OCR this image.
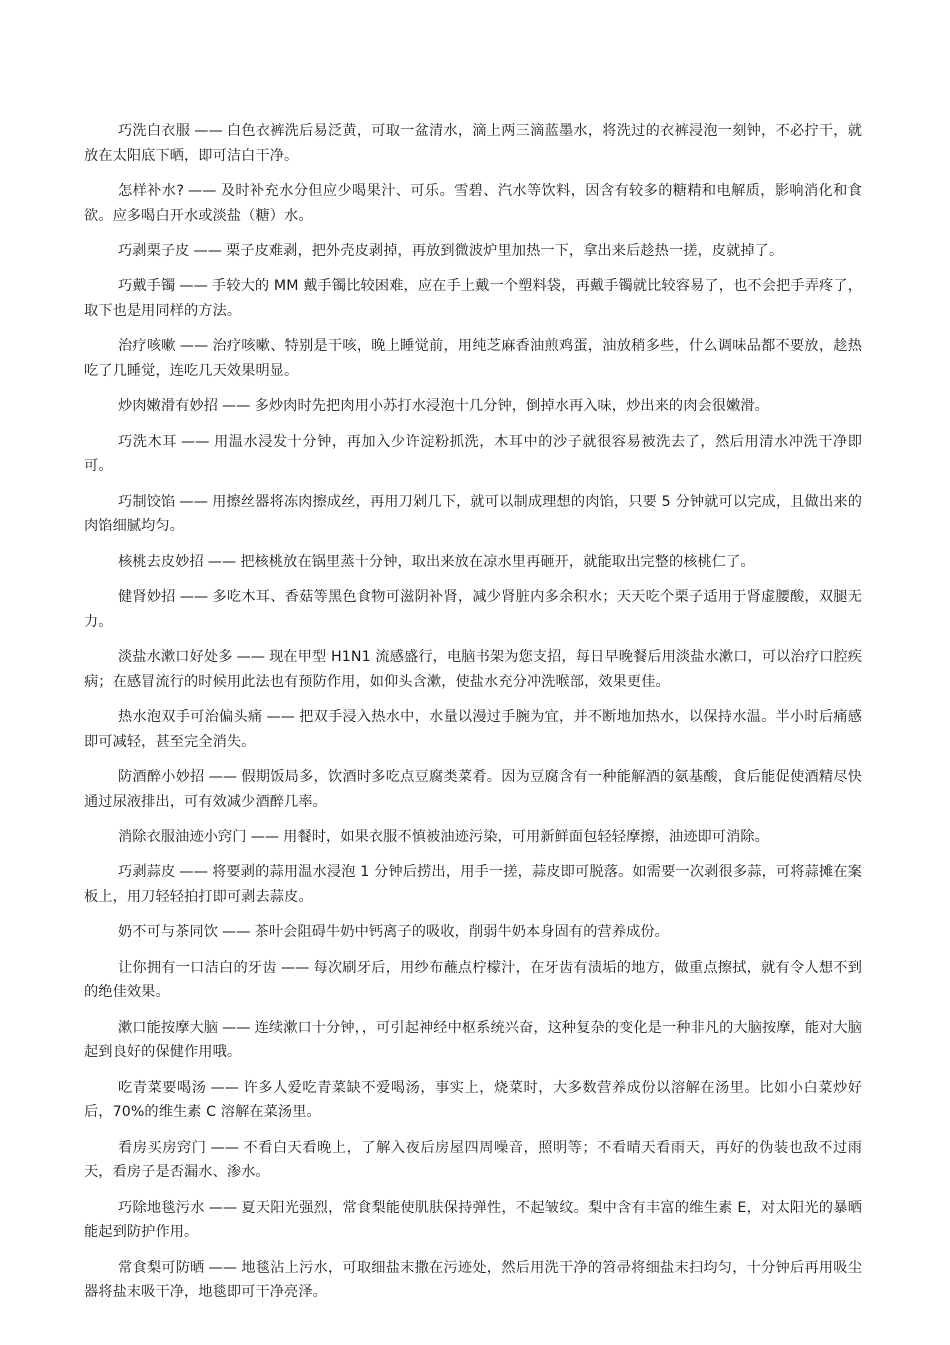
巧洗白衣服 —— 白色衣裤洗后易泛黄，可取一盆清水，滴上两三滴蓝墨水，将洗过的衣裤浸泡一刻钟，不必拧干，就放在太阳底下晒，即可洁白干净。

怎样补水? —— 及时补充水分但应少喝果汁、可乐。雪碧、汽水等饮料，因含有较多的糖精和电解质，影响消化和食欲。应多喝白开水或淡盐（糖）水。

巧剥栗子皮 —— 栗子皮难剥，把外壳皮剥掉，再放到微波炉里加热一下，拿出来后趁热一搓，皮就掉了。

巧戴手镯 —— 手较大的 MM 戴手镯比较困难，应在手上戴一个塑料袋，再戴手镯就比较容易了，也不会把手弄疼了，取下也是用同样的方法。

治疗咳嗽 —— 治疗咳嗽、特别是干咳，晚上睡觉前，用纯芝麻香油煎鸡蛋，油放稍多些，什么调味品都不要放，趁热吃了几睡觉，连吃几天效果明显。

炒肉嫩滑有妙招 —— 多炒肉时先把肉用小苏打水浸泡十几分钟，倒掉水再入味，炒出来的肉会很嫩滑。

巧洗木耳 —— 用温水浸发十分钟，再加入少许淀粉抓洗，木耳中的沙子就很容易被洗去了，然后用清水冲洗干净即可。

巧制饺馅 —— 用擦丝器将冻肉擦成丝，再用刀剁几下，就可以制成理想的肉馅，只要 5 分钟就可以完成，且做出来的肉馅细腻均匀。

核桃去皮妙招 —— 把核桃放在锅里蒸十分钟，取出来放在凉水里再砸开，就能取出完整的核桃仁了。

健肾妙招 —— 多吃木耳、香菇等黑色食物可滋阴补肾，减少肾脏内多余积水；天天吃个栗子适用于肾虚腰酸，双腿无力。

淡盐水漱口好处多 —— 现在甲型 H1N1 流感盛行，电脑书架为您支招，每日早晚餐后用淡盐水漱口，可以治疗口腔疾病；在感冒流行的时候用此法也有预防作用，如仰头含漱，使盐水充分冲洗喉部，效果更佳。

热水泡双手可治偏头痛 —— 把双手浸入热水中，水量以漫过手腕为宜，并不断地加热水，以保持水温。半小时后痛感即可减轻，甚至完全消失。

防酒醉小妙招 —— 假期饭局多，饮酒时多吃点豆腐类菜肴。因为豆腐含有一种能解酒的氨基酸，食后能促使酒精尽快通过尿液排出，可有效减少酒醉几率。

消除衣服油迹小窍门 —— 用餐时，如果衣服不慎被油迹污染，可用新鲜面包轻轻摩擦，油迹即可消除。

巧剥蒜皮 —— 将要剥的蒜用温水浸泡 1 分钟后捞出，用手一搓，蒜皮即可脱落。如需要一次剥很多蒜，可将蒜摊在案板上，用刀轻轻拍打即可剥去蒜皮。

奶不可与茶同饮 —— 茶叶会阻碍牛奶中钙离子的吸收，削弱牛奶本身固有的营养成份。

让你拥有一口洁白的牙齿 —— 每次刷牙后，用纱布蘸点柠檬汁，在牙齿有渍垢的地方，做重点擦拭，就有令人想不到的绝佳效果。

漱口能按摩大脑 —— 连续漱口十分钟，，可引起神经中枢系统兴奋，这种复杂的变化是一种非凡的大脑按摩，能对大脑起到良好的保健作用哦。

吃青菜要喝汤 —— 许多人爱吃青菜缺不爱喝汤，事实上，烧菜时，大多数营养成份以溶解在汤里。比如小白菜炒好后，70%的维生素 C 溶解在菜汤里。

看房买房窍门 —— 不看白天看晚上，了解入夜后房屋四周噪音，照明等；不看晴天看雨天，再好的伪装也敌不过雨天，看房子是否漏水、渗水。

巧除地毯污水 —— 夏天阳光强烈，常食梨能使肌肤保持弹性，不起皱纹。梨中含有丰富的维生素 E，对太阳光的暴晒能起到防护作用。

常食梨可防晒 —— 地毯沾上污水，可取细盐末撒在污迹处，然后用洗干净的笤帚将细盐末扫均匀，十分钟后再用吸尘器将盐末吸干净，地毯即可干净亮泽。
